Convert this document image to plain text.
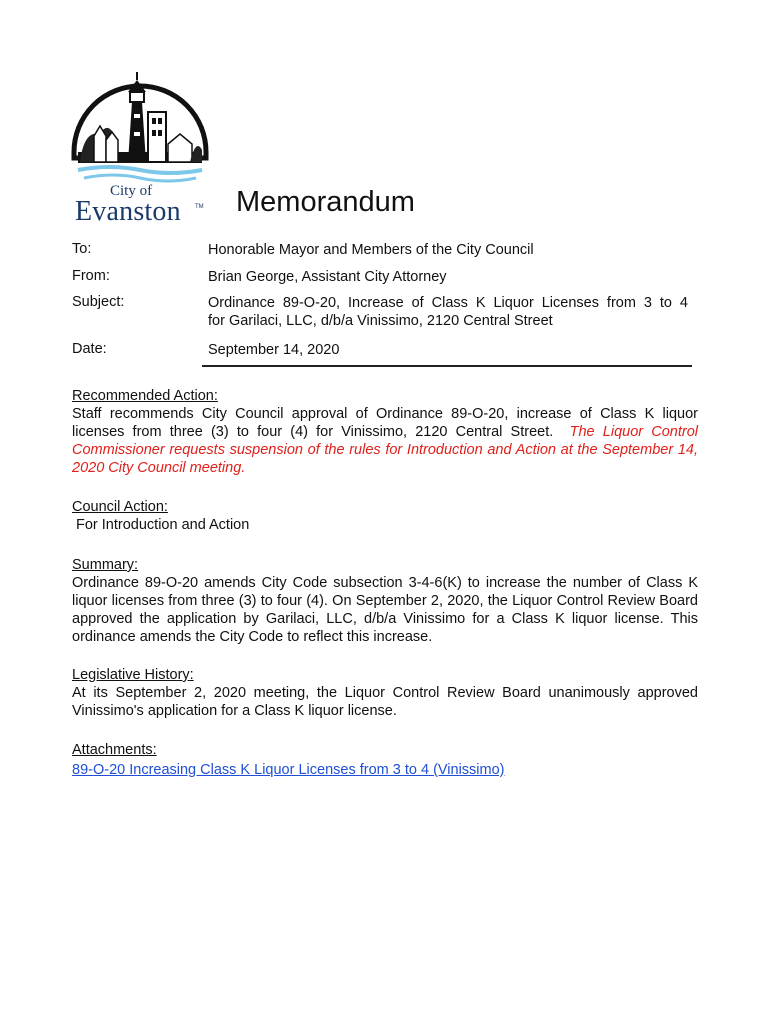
City of
Evanston TM Memorandum
To:	Honorable Mayor and Members of the City Council
From:	Brian George, Assistant City Attorney
Subject:	Ordinance 89-O-20, Increase of Class K Liquor Licenses from 3 to 4
for Garilaci, LLC, d/b/a Vinissimo, 2120 Central Street
Date:	September 14, 2020
Recommended Action:
Staff recommends City Council approval of Ordinance 89-O-20, increase of Class K liquor licenses from three (3) to four (4) for Vinissimo, 2120 Central Street. The Liquor Control Commissioner requests suspension of the rules for Introduction and Action at the September 14, 2020 City Council meeting.
Council Action:
For Introduction and Action
Summary:
Ordinance 89-O-20 amends City Code subsection 3-4-6(K) to increase the number of Class K liquor licenses from three (3) to four (4). On September 2, 2020, the Liquor Control Review Board approved the application by Garilaci, LLC, d/b/a Vinissimo for a Class K liquor license. This ordinance amends the City Code to reflect this increase.
Legislative History:
At its September 2, 2020 meeting, the Liquor Control Review Board unanimously approved Vinissimo's application for a Class K liquor license.
Attachments:
89-O-20 Increasing Class K Liquor Licenses from 3 to 4 (Vinissimo)
